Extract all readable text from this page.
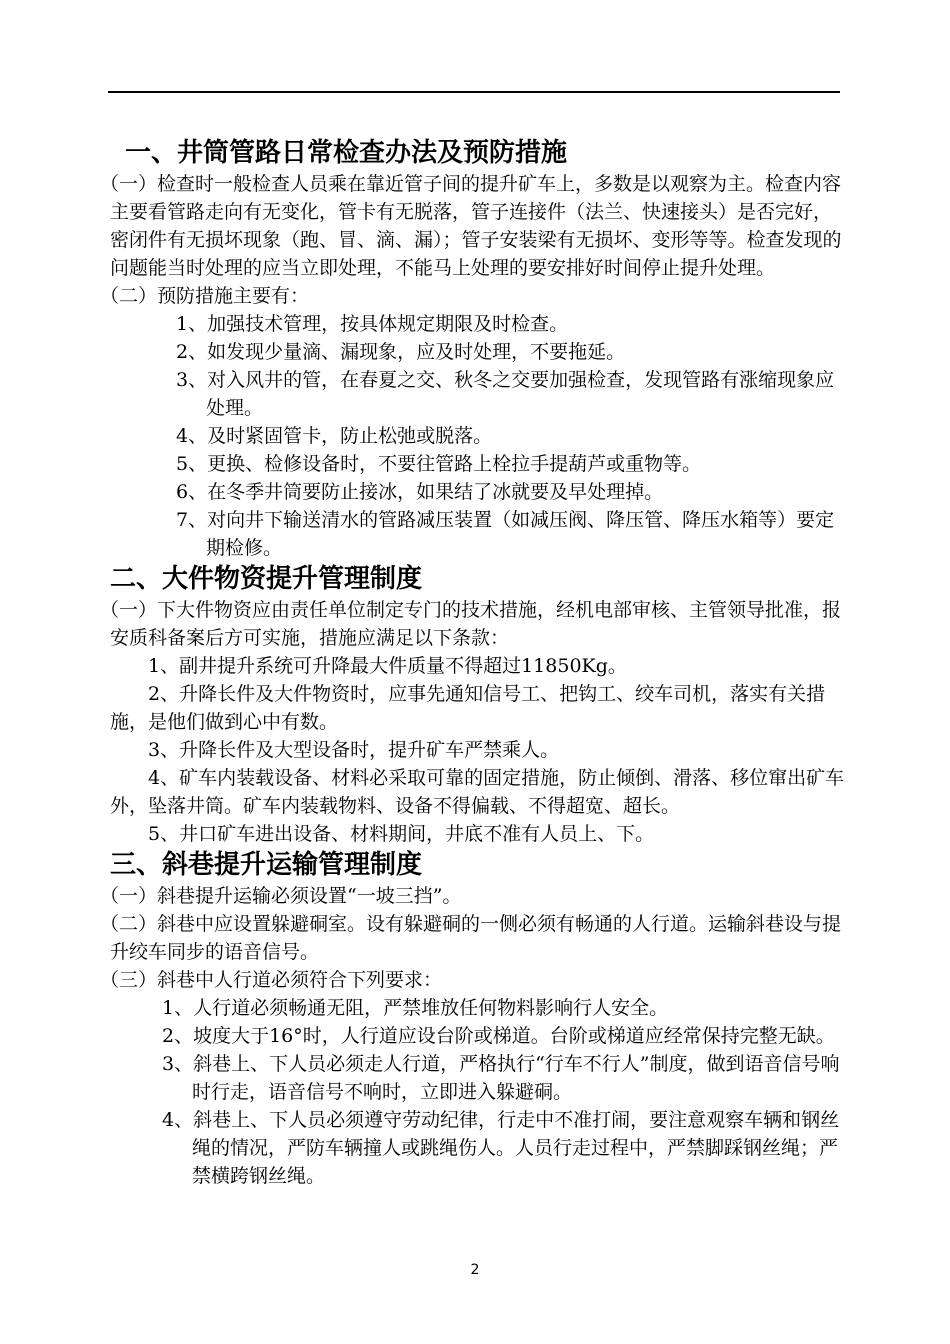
一、井筒管路日常检查办法及预防措施

（一）检查时一般检查人员乘在靠近管子间的提升矿车上，多数是以观察为主。检查内容主要看管路走向有无变化，管卡有无脱落，管子连接件（法兰、快速接头）是否完好，密闭件有无损坏现象（跑、冒、滴、漏）；管子安装梁有无损坏、变形等等。检查发现的问题能当时处理的应当立即处理，不能马上处理的要安排好时间停止提升处理。

（二）预防措施主要有：

1、加强技术管理，按具体规定期限及时检查。

2、如发现少量滴、漏现象，应及时处理，不要拖延。

3、对入风井的管，在春夏之交、秋冬之交要加强检查，发现管路有涨缩现象应处理。

4、及时紧固管卡，防止松弛或脱落。

5、更换、检修设备时，不要往管路上栓拉手提葫芦或重物等。

6、在冬季井筒要防止接冰，如果结了冰就要及早处理掉。

7、对向井下输送清水的管路减压装置（如减压阀、降压管、降压水箱等）要定期检修。

二、大件物资提升管理制度

（一）下大件物资应由责任单位制定专门的技术措施，经机电部审核、主管领导批准，报安质科备案后方可实施，措施应满足以下条款：

1、副井提升系统可升降最大件质量不得超过11850Kg。

2、升降长件及大件物资时，应事先通知信号工、把钩工、绞车司机，落实有关措施，是他们做到心中有数。

3、升降长件及大型设备时，提升矿车严禁乘人。

4、矿车内装载设备、材料必采取可靠的固定措施，防止倾倒、滑落、移位窜出矿车外，坠落井筒。矿车内装载物料、设备不得偏载、不得超宽、超长。

5、井口矿车进出设备、材料期间，井底不准有人员上、下。

三、斜巷提升运输管理制度

（一）斜巷提升运输必须设置“一坡三挡”。

（二）斜巷中应设置躲避硐室。设有躲避硐的一侧必须有畅通的人行道。运输斜巷设与提升绞车同步的语音信号。

（三）斜巷中人行道必须符合下列要求：

1、人行道必须畅通无阻，严禁堆放任何物料影响行人安全。

2、坡度大于16°时，人行道应设台阶或梯道。台阶或梯道应经常保持完整无缺。

3、斜巷上、下人员必须走人行道，严格执行“行车不行人”制度，做到语音信号响时行走，语音信号不响时，立即进入躲避硐。

4、斜巷上、下人员必须遵守劳动纪律，行走中不准打闹，要注意观察车辆和钢丝绳的情况，严防车辆撞人或跳绳伤人。人员行走过程中，严禁脚踩钢丝绳；严禁横跨钢丝绳。

2
